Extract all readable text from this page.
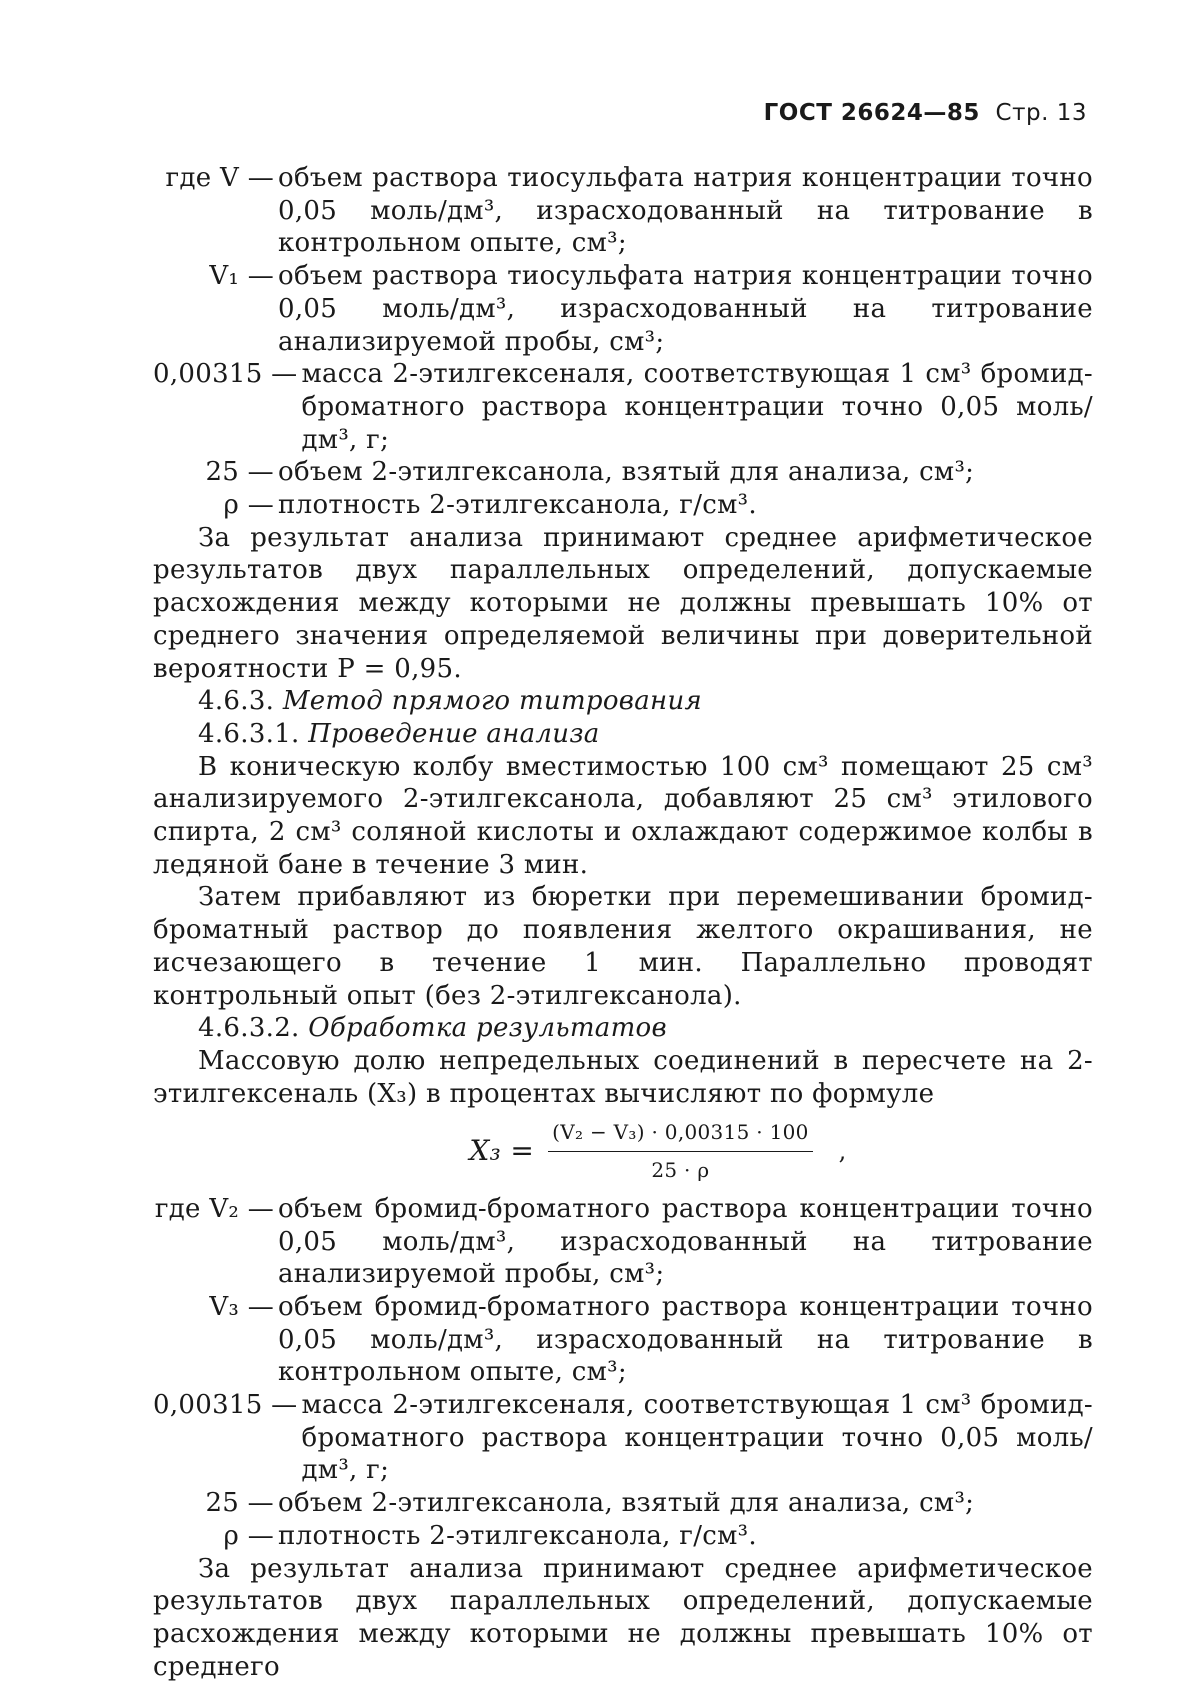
ГОСТ 26624—85 Стр. 13
где V — объем раствора тиосульфата натрия концентрации точно 0,05 моль/дм³, израсходованный на титрование в контрольном опыте, см³;
V₁ — объем раствора тиосульфата натрия концентрации точно 0,05 моль/дм³, израсходованный на титрование анализируемой пробы, см³;
0,00315 — масса 2-этилгексеналя, соответствующая 1 см³ бромид-броматного раствора концентрации точно 0,05 моль/дм³, г;
25 — объем 2-этилгексанола, взятый для анализа, см³;
ρ — плотность 2-этилгексанола, г/см³.

За результат анализа принимают среднее арифметическое результатов двух параллельных определений, допускаемые расхождения между которыми не должны превышать 10% от среднего значения определяемой величины при доверительной вероятности P = 0,95.

4.6.3. Метод прямого титрования

4.6.3.1. Проведение анализа

В коническую колбу вместимостью 100 см³ помещают 25 см³ анализируемого 2-этилгексанола, добавляют 25 см³ этилового спирта, 2 см³ соляной кислоты и охлаждают содержимое колбы в ледяной бане в течение 3 мин.

Затем прибавляют из бюретки при перемешивании бромид-броматный раствор до появления желтого окрашивания, не исчезающего в течение 1 мин. Параллельно проводят контрольный опыт (без 2-этилгексанола).

4.6.3.2. Обработка результатов

Массовую долю непредельных соединений в пересчете на 2-этилгексеналь (X₃) в процентах вычисляют по формуле

$X_3 = \frac{\text{(V₂ − V₃) · 0,00315 · 100}}{25 \cdot \rho}$ ,
где V₂ — объем бромид-броматного раствора концентрации точно 0,05 моль/дм³, израсходованный на титрование анализируемой пробы, см³;
V₃ — объем бромид-броматного раствора концентрации точно 0,05 моль/дм³, израсходованный на титрование в контрольном опыте, см³;
0,00315 — масса 2-этилгексеналя, соответствующая 1 см³ бромид-броматного раствора концентрации точно 0,05 моль/дм³, г;
25 — объем 2-этилгексанола, взятый для анализа, см³;
ρ — плотность 2-этилгексанола, г/см³.

За результат анализа принимают среднее арифметическое результатов двух параллельных определений, допускаемые расхождения между которыми не должны превышать 10% от среднего
